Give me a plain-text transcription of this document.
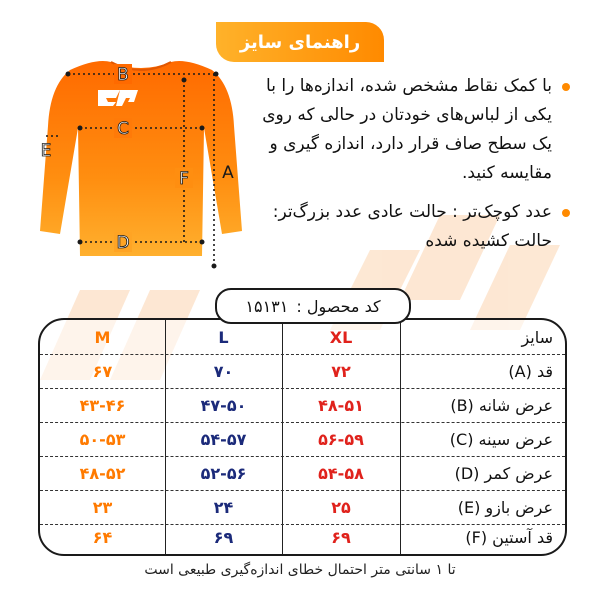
راهنمای سایز
B
C
D
E
F A
با کمک نقاط مشخص شده، اندازه‌ها را با یکی از لباس‌های خودتان در حالی که روی یک سطح صاف قرار دارد، اندازه گیری و مقایسه کنید.
عدد کوچک‌تر : حالت عادی عدد بزرگ‌تر: حالت کشیده شده
کد محصول :
۱۵۱۳۱
M	L	XL	سایز
۶۷	۷۰	۷۲	قد (A)
۴۳-۴۶	۴۷-۵۰	۴۸-۵۱	عرض شانه (B)
۵۰-۵۳	۵۴-۵۷	۵۶-۵۹	عرض سینه (C)
۴۸-۵۲	۵۲-۵۶	۵۴-۵۸	عرض کمر (D)
۲۳	۲۴	۲۵	عرض بازو (E)
۶۴	۶۹	۶۹	قد آستین (F)
تا ۱ سانتی متر احتمال خطای اندازه‌گیری طبیعی است
